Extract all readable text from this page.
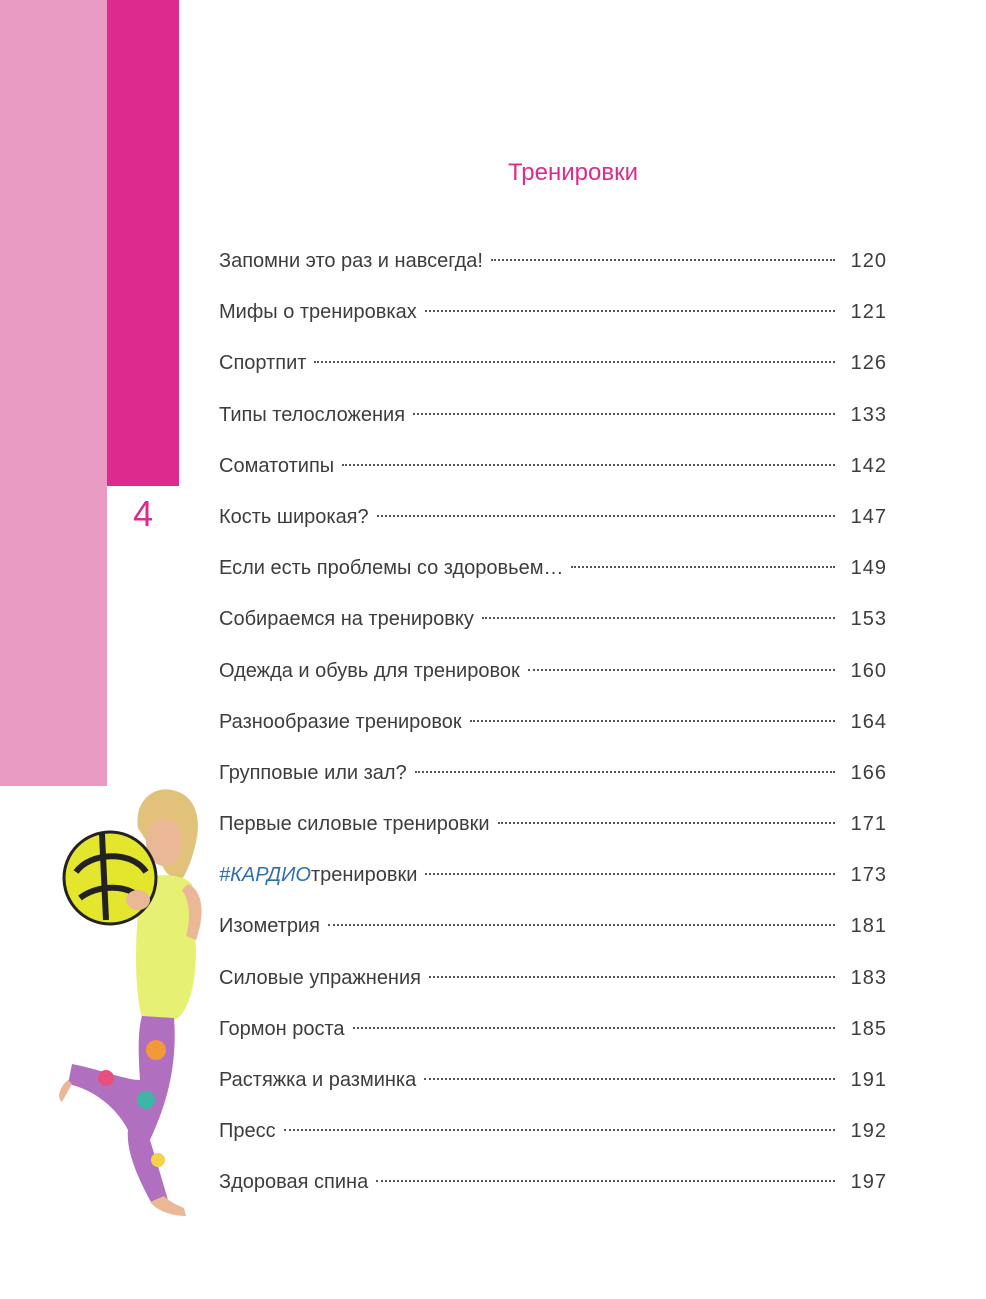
4
Тренировки
Запомни это раз и навсегда!	120
Мифы о тренировках	121
Спортпит	126
Типы телосложения	133
Соматотипы	142
Кость широкая?	147
Если есть проблемы со здоровьем…	149
Собираемся на тренировку	153
Одежда и обувь для тренировок	160
Разнообразие тренировок	164
Групповые или зал?	166
Первые силовые тренировки	171
#КАРДИОтренировки	173
Изометрия	181
Силовые упражнения	183
Гормон роста	185
Растяжка и разминка	191
Пресс	192
Здоровая спина	197
